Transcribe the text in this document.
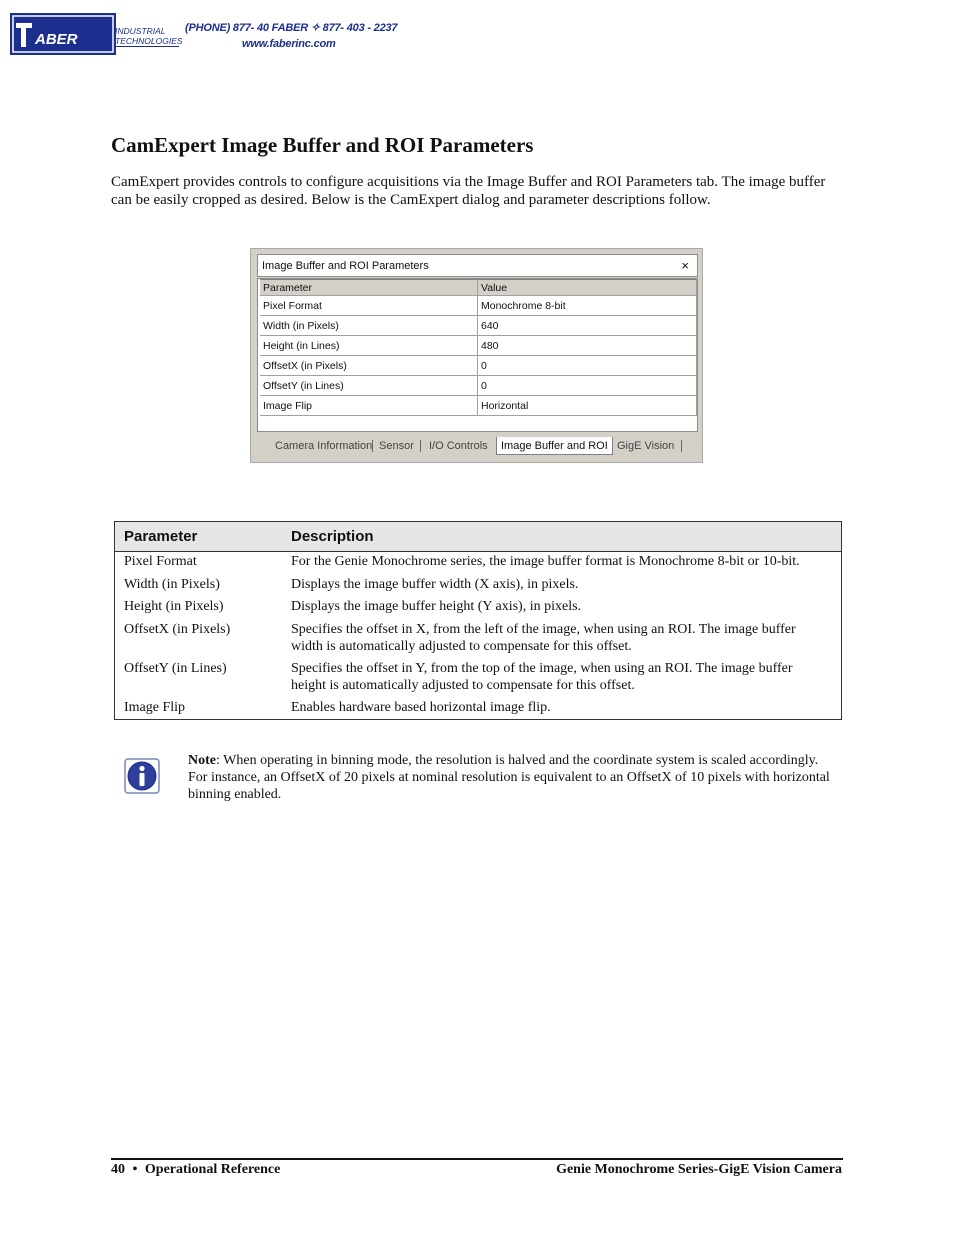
ABER	INDUSTRIAL
TECHNOLOGIES
(PHONE) 877- 40 FABER ✧ 877- 403 - 2237
www.faberinc.com
CamExpert Image Buffer and ROI Parameters

CamExpert provides controls to configure acquisitions via the Image Buffer and ROI Parameters tab. The image buffer can be easily cropped as desired. Below is the CamExpert dialog and parameter descriptions follow.

Image Buffer and ROI Parameters	×
Parameter	Value
Pixel Format	Monochrome 8-bit
Width (in Pixels)	640
Height (in Lines)	480
OffsetX (in Pixels)	0
OffsetY (in Lines)	0
Image Flip	Horizontal
Camera Information Sensor	I/O Controls	Image Buffer and ROI GigE Vision
Parameter	Description
Pixel Format	For the Genie Monochrome series, the image buffer format is Monochrome 8-bit or 10-bit.
Width (in Pixels)	Displays the image buffer width (X axis), in pixels.
Height (in Pixels)	Displays the image buffer height (Y axis), in pixels.
OffsetX (in Pixels)	Specifies the offset in X, from the left of the image, when using an ROI. The image buffer width is automatically adjusted to compensate for this offset.
OffsetY (in Lines)	Specifies the offset in Y, from the top of the image, when using an ROI. The image buffer height is automatically adjusted to compensate for this offset.
Image Flip	Enables hardware based horizontal image flip.

Note: When operating in binning mode, the resolution is halved and the coordinate system is scaled accordingly. For instance, an OffsetX of 20 pixels at nominal resolution is equivalent to an OffsetX of 10 pixels with horizontal binning enabled.

40 • Operational Reference	Genie Monochrome Series-GigE Vision Camera
